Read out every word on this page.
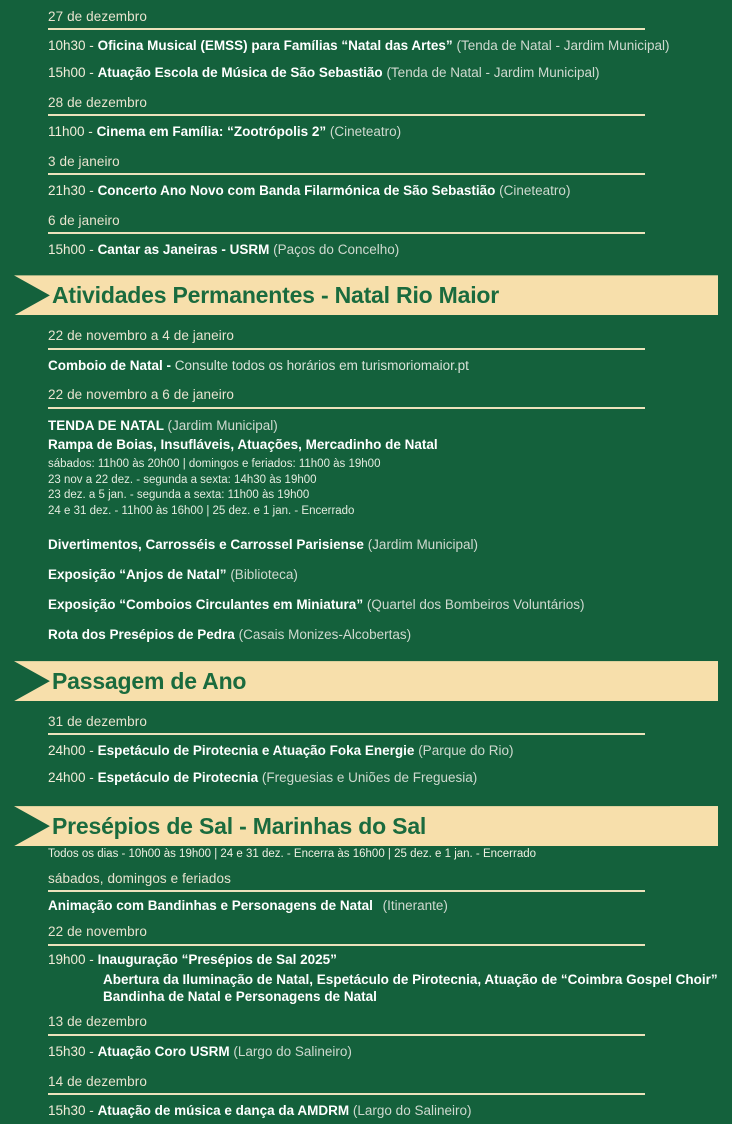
27 de dezembro
10h30 - Oficina Musical (EMSS) para Famílias “Natal das Artes” (Tenda de Natal - Jardim Municipal)
15h00 - Atuação Escola de Música de São Sebastião (Tenda de Natal - Jardim Municipal)
28 de dezembro
11h00 - Cinema em Família: “Zootrópolis 2” (Cineteatro)
3 de janeiro
21h30 - Concerto Ano Novo com Banda Filarmónica de São Sebastião (Cineteatro)
6 de janeiro
15h00 - Cantar as Janeiras - USRM (Paços do Concelho)
Atividades Permanentes - Natal Rio Maior
22 de novembro a 4 de janeiro
Comboio de Natal - Consulte todos os horários em turismoriomaior.pt
22 de novembro a 6 de janeiro
TENDA DE NATAL (Jardim Municipal)
Rampa de Boias, Insufláveis, Atuações, Mercadinho de Natal
sábados: 11h00 às 20h00 | domingos e feriados: 11h00 às 19h00
23 nov a 22 dez. - segunda a sexta: 14h30 às 19h00
23 dez. a 5 jan. - segunda a sexta: 11h00 às 19h00
24 e 31 dez. - 11h00 às 16h00 | 25 dez. e 1 jan. - Encerrado
Divertimentos, Carrosséis e Carrossel Parisiense (Jardim Municipal)
Exposição “Anjos de Natal” (Biblioteca)
Exposição “Comboios Circulantes em Miniatura” (Quartel dos Bombeiros Voluntários)
Rota dos Presépios de Pedra (Casais Monizes-Alcobertas)
Passagem de Ano
31 de dezembro
24h00 - Espetáculo de Pirotecnia e Atuação Foka Energie (Parque do Rio)
24h00 - Espetáculo de Pirotecnia (Freguesias e Uniões de Freguesia)
Presépios de Sal - Marinhas do Sal
Todos os dias - 10h00 às 19h00 | 24 e 31 dez. - Encerra às 16h00 | 25 dez. e 1 jan. - Encerrado
sábados, domingos e feriados
Animação com Bandinhas e Personagens de Natal (Itinerante)
22 de novembro
19h00 - Inauguração “Presépios de Sal 2025”
Abertura da Iluminação de Natal, Espetáculo de Pirotecnia, Atuação de “Coimbra Gospel Choir”
Bandinha de Natal e Personagens de Natal
13 de dezembro
15h30 - Atuação Coro USRM (Largo do Salineiro)
14 de dezembro
15h30 - Atuação de música e dança da AMDRM (Largo do Salineiro)
